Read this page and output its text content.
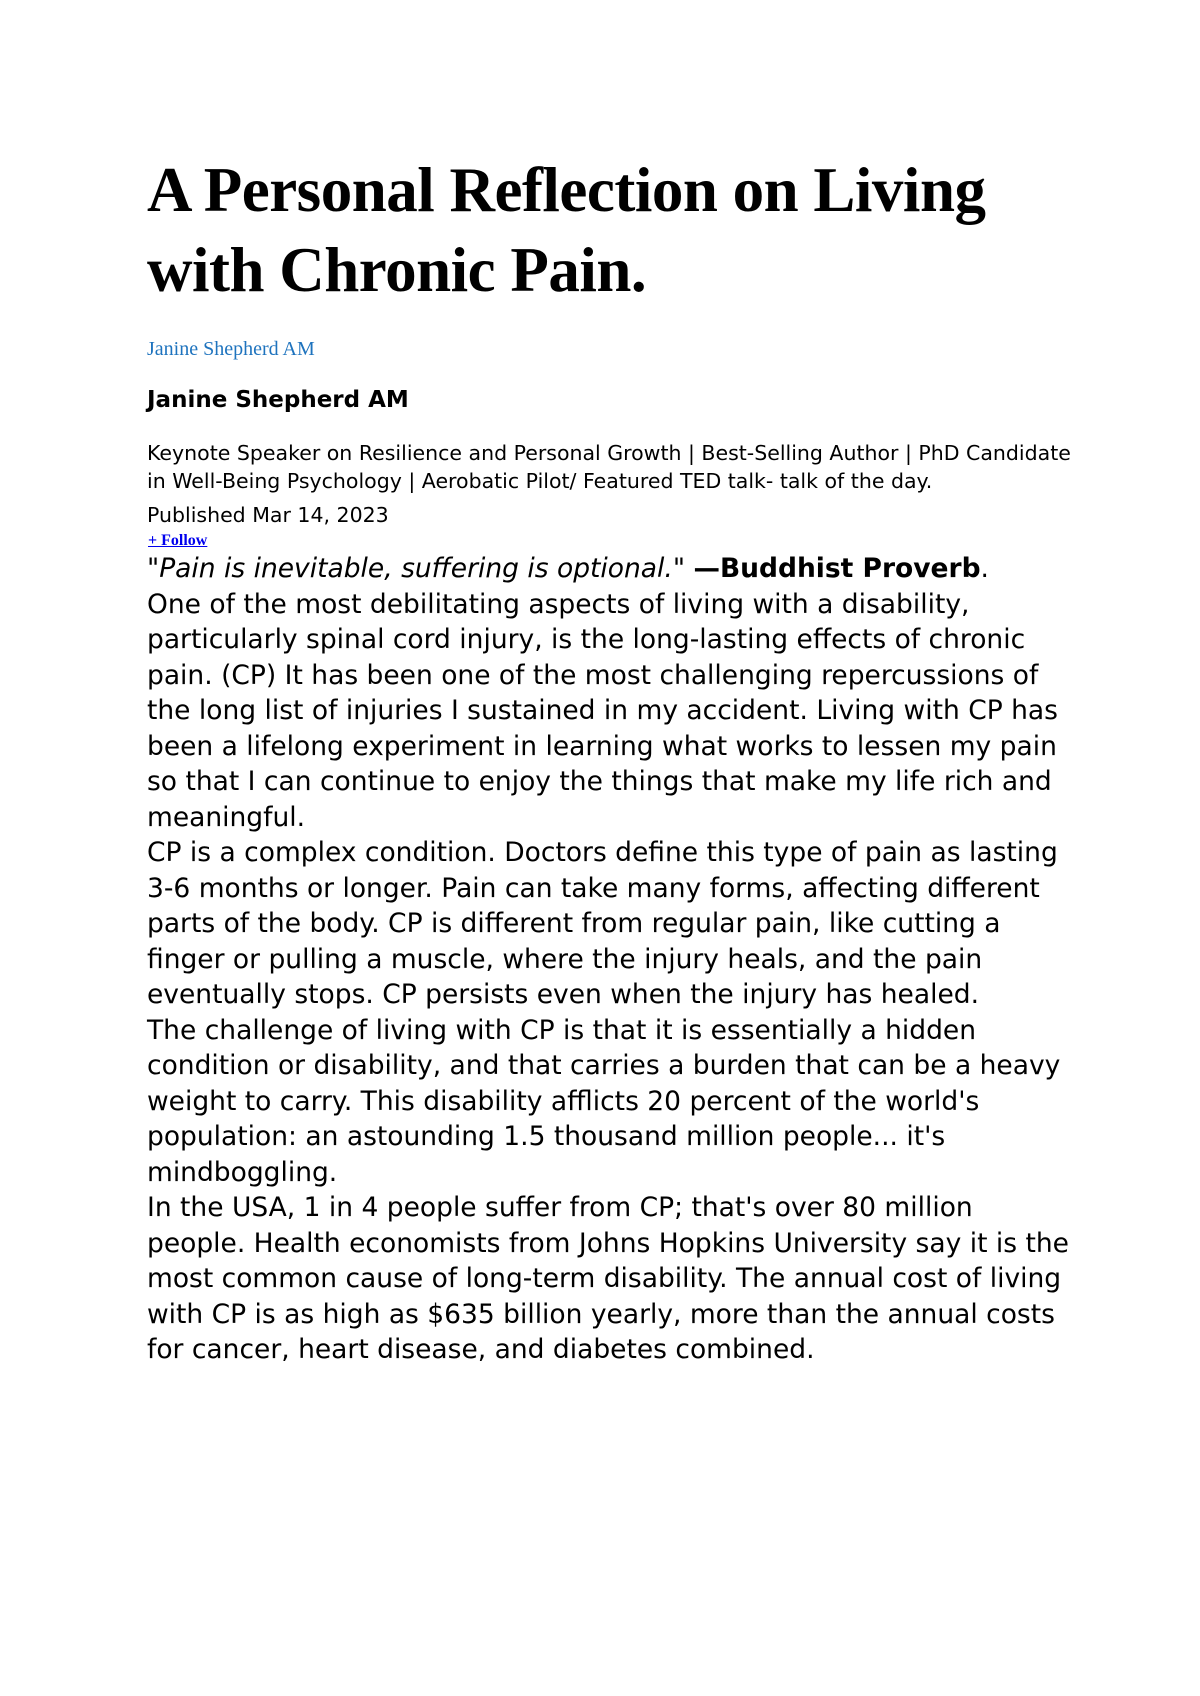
A Personal Reflection on Living with Chronic Pain.
Janine Shepherd AM
Janine Shepherd AM
Keynote Speaker on Resilience and Personal Growth | Best-Selling Author | PhD Candidate in Well-Being Psychology | Aerobatic Pilot/ Featured TED talk- talk of the day.
Published Mar 14, 2023
+ Follow

"Pain is inevitable, suffering is optional." —Buddhist Proverb.

One of the most debilitating aspects of living with a disability, particularly spinal cord injury, is the long-lasting effects of chronic pain. (CP) It has been one of the most challenging repercussions of the long list of injuries I sustained in my accident. Living with CP has been a lifelong experiment in learning what works to lessen my pain so that I can continue to enjoy the things that make my life rich and meaningful.

CP is a complex condition. Doctors define this type of pain as lasting 3-6 months or longer. Pain can take many forms, affecting different parts of the body. CP is different from regular pain, like cutting a finger or pulling a muscle, where the injury heals, and the pain eventually stops. CP persists even when the injury has healed.

The challenge of living with CP is that it is essentially a hidden condition or disability, and that carries a burden that can be a heavy weight to carry. This disability afflicts 20 percent of the world's population: an astounding 1.5 thousand million people... it's mindboggling.

In the USA, 1 in 4 people suffer from CP; that's over 80 million people. Health economists from Johns Hopkins University say it is the most common cause of long-term disability. The annual cost of living with CP is as high as $635 billion yearly, more than the annual costs for cancer, heart disease, and diabetes combined.
